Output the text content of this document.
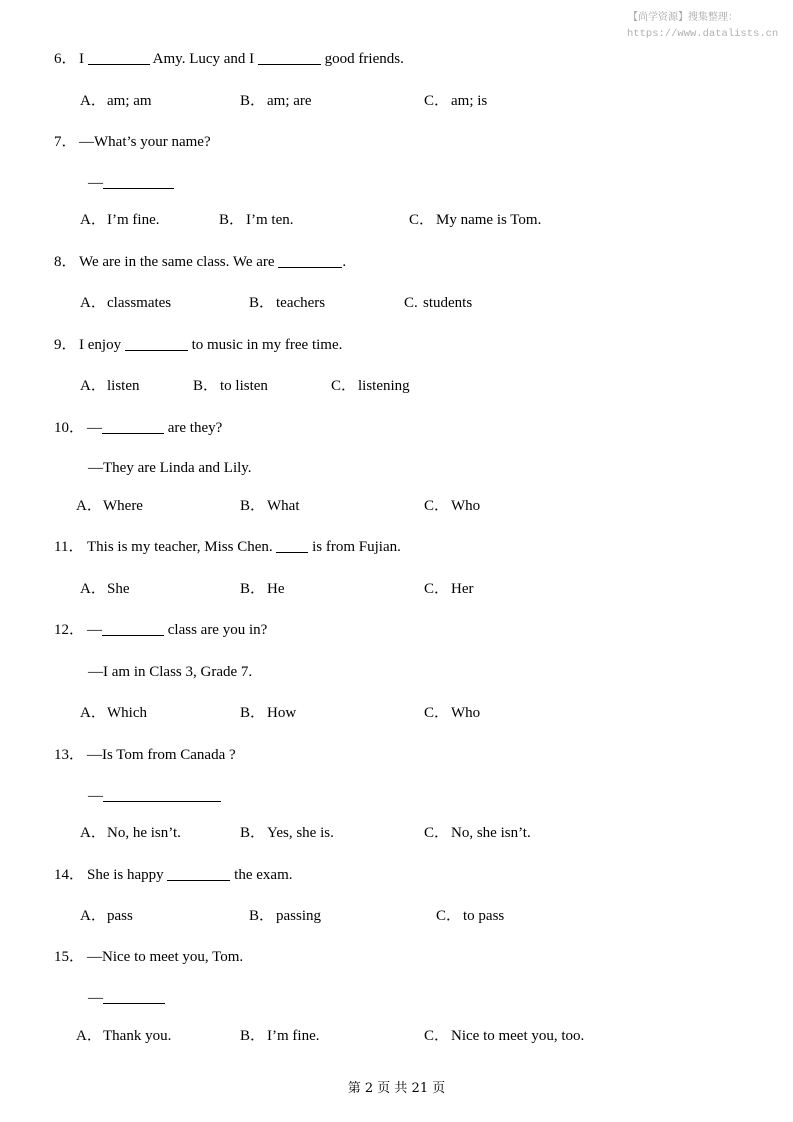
【尚学资源】搜集整理：
https://www.datalists.cn
6． I	Amy. Lucy and I	good friends.
A．am; am	B． am; are	C． am; is
7． —What’s your name?
—
A．I’m fine.	B． I’m ten.	C． My name is Tom.
8． We are in the same class. We are	.
A．classmates	B． teachers	C. students
9． I enjoy	to music in my free time.
A．listen	B． to listen	C． listening
10． —	are they?
—They are Linda and Lily.
A．Where	B． What	C． Who
11． This is my teacher, Miss Chen.  is from Fujian.
A．She	B． He	C． Her
12． —	class are you in?
—I am in Class 3, Grade 7.
A．Which	B． How	C． Who
13． —Is Tom from Canada ?
—
A．No, he isn’t.	B． Yes, she is.	C． No, she isn’t.
14． She is happy	the exam.
A．pass	B． passing	C． to pass
15． —Nice to meet you, Tom.
—
A．Thank you.	B． I’m fine.	C． Nice to meet you, too.
第 2 页 共 21 页
